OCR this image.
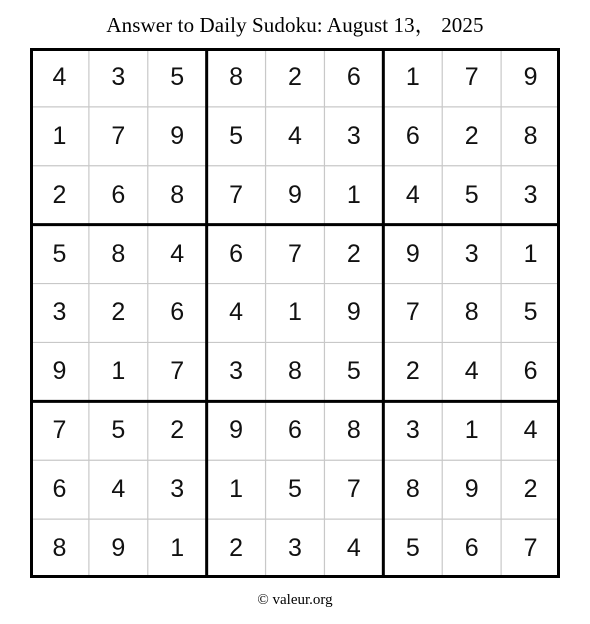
Answer to Daily Sudoku: August 13， 2025
4	3	5	8	2	6	1	7	9
1	7	9	5	4	3	6	2	8
2	6	8	7	9	1	4	5	3
5	8	4	6	7	2	9	3	1
3	2	6	4	1	9	7	8	5
9	1	7	3	8	5	2	4	6
7	5	2	9	6	8	3	1	4
6	4	3	1	5	7	8	9	2
8	9	1	2	3	4	5	6	7
© valeur.org
